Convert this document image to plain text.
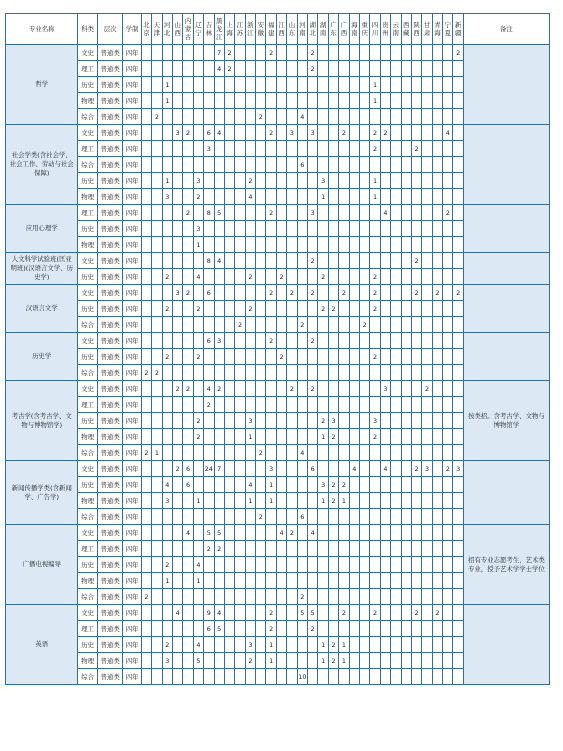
专业名称	科类	层次	学制	北京	天津	河北	山西	内蒙古	辽宁	吉林	黑龙江	上海	江苏	浙江	安徽	福建	江西	山东	河南	湖北	湖南	广东	广西	海南	重庆	四川	贵州	云南	西藏	陕西	甘肃	青海	宁夏	新疆	备注
哲学	文史	普通类	四年								7	2				2				2														2	
	理工	普通类	四年								4	2								2															
	历史	普通类	四年			1																				1									
	物理	普通类	四年			1																				1									
	综合	普通类	四年		2										2				4																
社会学类(含社会学、社会工作、劳动与社会保障)	文史	普通类	四年				3	2		6	4					2		3		3			2			2	2						4		
	理工	普通类	四年							3																2				2					
	综合	普通类	四年																6																
	历史	普通类	四年			1			3					2							3					1									
	物理	普通类	四年			3			2					4							1					1									
应用心理学	理工	普通类	四年					2		8	5					2				3							4						2		
	历史	普通类	四年						3																										
	物理	普通类	四年						1																										
人文科学试验班(匡亚明班)(汉语言文学、历史学)	文史	普通类	四年							8	4									2										2					
	历史	普通类	四年			2			4					2			2				2					2									
汉语言文学	文史	普通类	四年				3	2		6						2		2		2			2			2				2		2		2	
	历史	普通类	四年			2			2					2							2	2				2									
	综合	普通类	四年										2						2						2										
历史学	文史	普通类	四年							6	3					2				2															
	历史	普通类	四年			2			2								2									2									
	综合	普通类	四年	2	2																														
考古学(含考古学、文物与博物馆学)	文史	普通类	四年				2	2		4	2							2		2							3				2				按类招。含考古学、文物与博物馆学
	理工	普通类	四年							2																									
	历史	普通类	四年						2					3							2	3				3									
	物理	普通类	四年						2					1							1	2				2									
	综合	普通类	四年	2	1										2				4																
新闻传播学类(含新闻学、广告学)	文史	普通类	四年				2	6		24	7					3				6				4			4			2	3		2	3	
	历史	普通类	四年			4		6						4		1					3	2	2												
	物理	普通类	四年			3			1					1		1					1	2	1												
	综合	普通类	四年												2				6																
广播电视编导	文史	普通类	四年					4		5	5						4	2		4															招有专业志愿考生，艺术类专业，授予艺术学学士学位
	理工	普通类	四年							2	2																								
	历史	普通类	四年			2			4																										
	物理	普通类	四年			1			1																										
	综合	普通类	四年	2															2																
英语	文史	普通类	四年				4			9	4					2			5	5			2			2				2		2			
	理工	普通类	四年							6	5					2				2															
	历史	普通类	四年			2			4					3		1					1	2	1												
	物理	普通类	四年			3			5					2		1					1	2	1												
	综合	普通类	四年																10																
